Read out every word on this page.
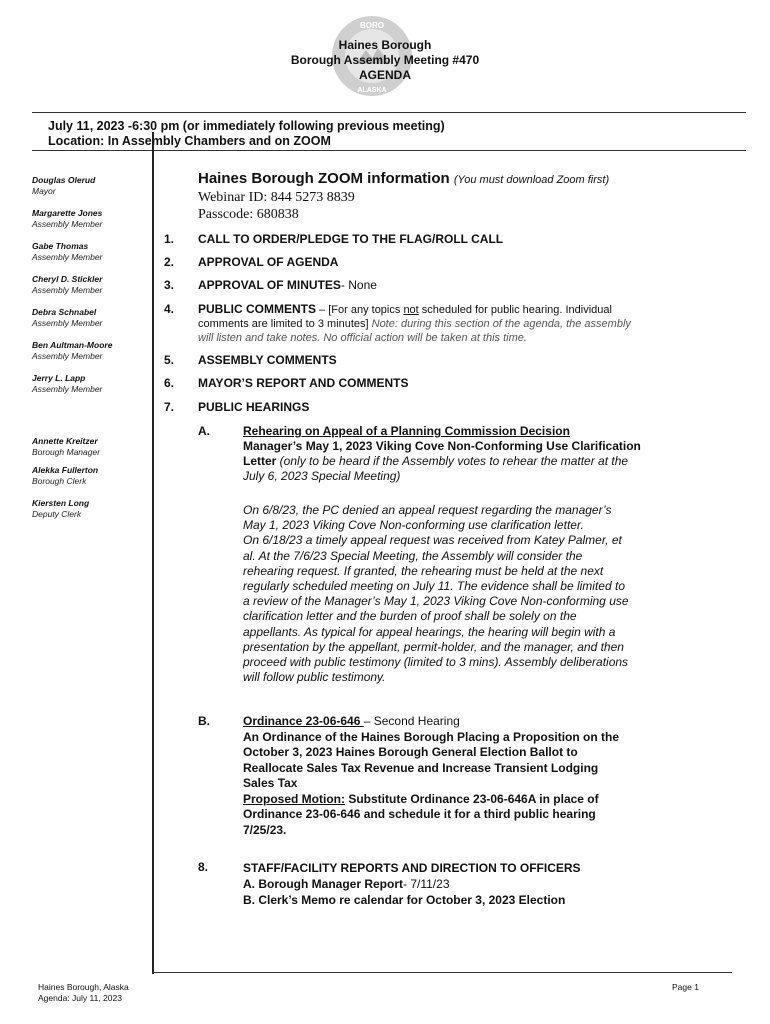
BORO
ALASKA
Haines Borough
Borough Assembly Meeting #470
AGENDA
July 11, 2023 -6:30 pm (or immediately following previous meeting)
Location: In Assembly Chambers and on ZOOM
Douglas Olerud
Mayor
Margarette Jones
Assembly Member
Gabe Thomas
Assembly Member
Cheryl D. Stickler
Assembly Member
Debra Schnabel
Assembly Member
Ben Aultman-Moore
Assembly Member
Jerry L. Lapp
Assembly Member
Annette Kreitzer
Borough Manager
Alekka Fullerton
Borough Clerk
Kiersten Long
Deputy Clerk
Haines Borough ZOOM information (You must download Zoom first)
Webinar ID: 844 5273 8839
Passcode: 680838
1. CALL TO ORDER/PLEDGE TO THE FLAG/ROLL CALL
2. APPROVAL OF AGENDA
3. APPROVAL OF MINUTES- None
4. PUBLIC COMMENTS – [For any topics not scheduled for public hearing. Individual
comments are limited to 3 minutes] Note: during this section of the agenda, the assembly
will listen and take notes. No official action will be taken at this time.
5. ASSEMBLY COMMENTS
6. MAYOR’S REPORT AND COMMENTS
7. PUBLIC HEARINGS
A.	Rehearing on Appeal of a Planning Commission Decision
Manager’s May 1, 2023 Viking Cove Non-Conforming Use Clarification
Letter (only to be heard if the Assembly votes to rehear the matter at the
July 6, 2023 Special Meeting)
On 6/8/23, the PC denied an appeal request regarding the manager’s
May 1, 2023 Viking Cove Non-conforming use clarification letter.
On 6/18/23 a timely appeal request was received from Katey Palmer, et
al. At the 7/6/23 Special Meeting, the Assembly will consider the
rehearing request. If granted, the rehearing must be held at the next
regularly scheduled meeting on July 11. The evidence shall be limited to
a review of the Manager’s May 1, 2023 Viking Cove Non-conforming use
clarification letter and the burden of proof shall be solely on the
appellants. As typical for appeal hearings, the hearing will begin with a
presentation by the appellant, permit-holder, and the manager, and then
proceed with public testimony (limited to 3 mins). Assembly deliberations
will follow public testimony.
B.	Ordinance 23-06-646 – Second Hearing
An Ordinance of the Haines Borough Placing a Proposition on the
October 3, 2023 Haines Borough General Election Ballot to
Reallocate Sales Tax Revenue and Increase Transient Lodging
Sales Tax
Proposed Motion: Substitute Ordinance 23-06-646A in place of
Ordinance 23-06-646 and schedule it for a third public hearing
7/25/23.
8.	STAFF/FACILITY REPORTS AND DIRECTION TO OFFICERS
A. Borough Manager Report- 7/11/23
B. Clerk’s Memo re calendar for October 3, 2023 Election
Haines Borough, Alaska
Agenda: July 11, 2023
Page 1
